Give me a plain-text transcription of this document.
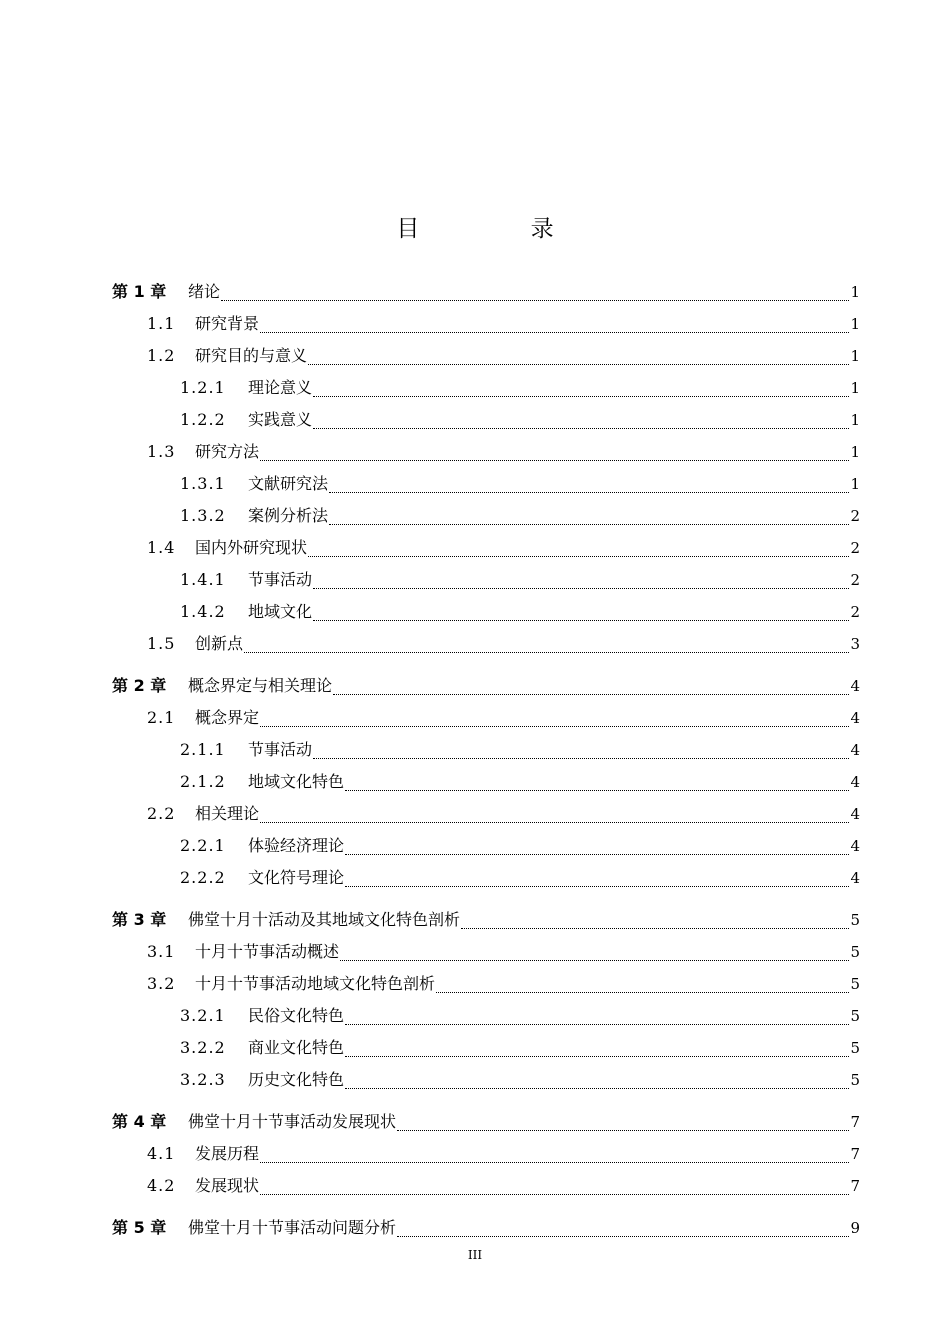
目 录
第 1 章	绪论	1
1.1	研究背景	1
1.2	研究目的与意义	1
1.2.1	理论意义	1
1.2.2	实践意义	1
1.3	研究方法	1
1.3.1	文献研究法	1
1.3.2	案例分析法	2
1.4	国内外研究现状	2
1.4.1	节事活动	2
1.4.2	地域文化	2
1.5	创新点	3
第 2 章	概念界定与相关理论	4
2.1	概念界定	4
2.1.1	节事活动	4
2.1.2	地域文化特色	4
2.2	相关理论	4
2.2.1	体验经济理论	4
2.2.2	文化符号理论	4
第 3 章	佛堂十月十活动及其地域文化特色剖析	5
3.1	十月十节事活动概述	5
3.2	十月十节事活动地域文化特色剖析	5
3.2.1	民俗文化特色	5
3.2.2	商业文化特色	5
3.2.3	历史文化特色	5
第 4 章	佛堂十月十节事活动发展现状	7
4.1	发展历程	7
4.2	发展现状	7
第 5 章	佛堂十月十节事活动问题分析	9
III
